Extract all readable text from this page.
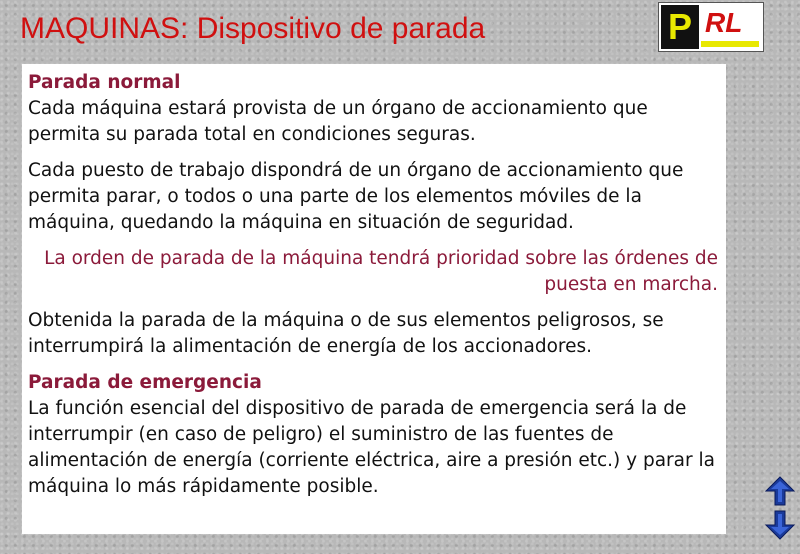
MAQUINAS: Dispositivo de parada	P RL

Parada normal

Cada máquina estará provista de un órgano de accionamiento que permita su parada total en condiciones seguras.

Cada puesto de trabajo dispondrá de un órgano de accionamiento que permita parar, o todos o una parte de los elementos móviles de la máquina, quedando la máquina en situación de seguridad.

La orden de parada de la máquina tendrá prioridad sobre las órdenes de puesta en marcha.

Obtenida la parada de la máquina o de sus elementos peligrosos, se interrumpirá la alimentación de energía de los accionadores.

Parada de emergencia

La función esencial del dispositivo de parada de emergencia será la de interrumpir (en caso de peligro) el suministro de las fuentes de alimentación de energía (corriente eléctrica, aire a presión etc.) y parar la máquina lo más rápidamente posible.
